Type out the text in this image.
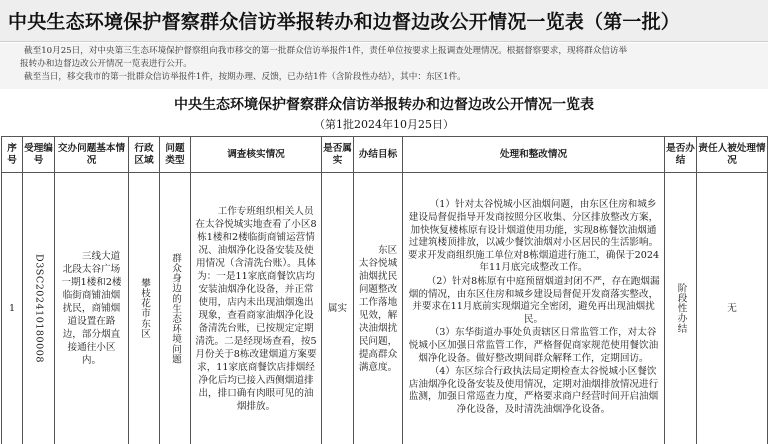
中央生态环境保护督察群众信访举报转办和边督边改公开情况一览表（第一批）

截至10月25日，对中央第三生态环境保护督察组向我市移交的第一批群众信访举报件1件，责任单位按要求上报调查处理情况。根据督察要求，现将群众信访举

报转办和边督边改公开情况一览表进行公开。

截至当日，移交我市的第一批群众信访举报件1件，按期办理、反馈，已办结1件（含阶段性办结），其中：东区1件。

中央生态环境保护督察群众信访举报转办和边督边改公开情况一览表
（第1批2024年10月25日）
序号	受理编号	交办问题基本情况	行政区域	问题类型	调查核实情况	是否属实	办结目标	处理和整改情况	是否办结	责任人被处理情况
1	D3SC202410180008	三线大道北段太谷广场一期1楼和2楼临街商铺油烟扰民，商铺烟道设置在路边，部分烟直接通往小区内。	攀枝花市东区	群众身边的生态环境问题	工作专班组织相关人员在太谷悦城实地查看了小区8栋1楼和2楼临街商铺运营情况、油烟净化设备安装及使用情况（含清洗台账）。具体为：一是11家底商餐饮店均安装油烟净化设备，并正常使用，店内未出现油烟逸出现象，查看商家油烟净化设备清洗台账，已按规定定期清洗。二是经现场查看，按5月份关于8栋改建烟道方案要求，11家底商餐饮店排烟经净化后均已接入西侧烟道排出，排口确有肉眼可见的油烟排放。	属实	东区太谷悦城油烟扰民问题整改工作落地见效，解决油烟扰民问题，提高群众满意度。	（1）针对太谷悦城小区油烟问题，由东区住房和城乡建设局督促指导开发商按照分区收集、分区排放整改方案，加快恢复楼栋原有设计烟道使用功能，实现8栋餐饮油烟通过建筑楼顶排放，以减少餐饮油烟对小区居民的生活影响。要求开发商组织施工单位对8栋烟道进行施工，确保于2024年11月底完成整改工作。

（2）针对8栋原有中庭预留烟道封闭不严，存在跑烟漏烟的情况，由东区住房和城乡建设局督促开发商落实整改，并要求在11月底前实现烟道完全密闭，避免再出现油烟扰民。

（3）东华街道办事处负责辖区日常监管工作，对太谷悦城小区加强日常监管工作，严格督促商家规范使用餐饮油烟净化设备。做好整改期间群众解释工作，定期回访。

（4）东区综合行政执法局定期检查太谷悦城小区餐饮店油烟净化设备安装及使用情况，定期对油烟排放情况进行监测，加强日常巡查力度，严格要求商户经营时间开启油烟净化设备，及时清洗油烟净化设备。	阶段性办结	无
